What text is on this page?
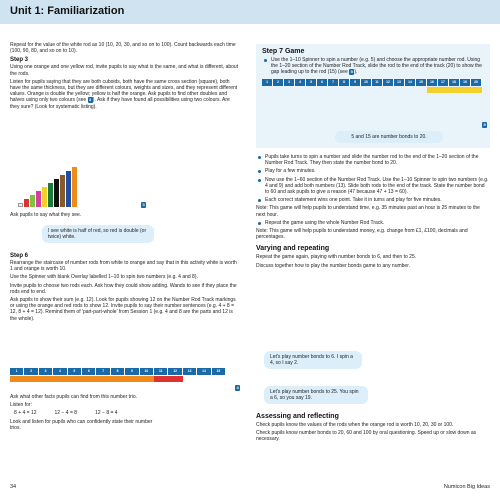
Unit 1: Familiarization

Repeat for the value of the white rod as 10 (10, 20, 30, and so on to 100). Count backwards each time (100, 90, 80, and so on to 10).

Step 3

Using one orange and one yellow rod, invite pupils to say what is the same, and what is different, about the rods.

Listen for pupils saying that they are both cuboids, both have the same cross section (square), both have the same thickness, but they are different colours, weights and sizes, and they represent different values. Orange is double the yellow; yellow is half the orange. Ask pupils to find other doubles and halves using only two colours (see 3 ). Ask if they have found all possibilities using two colours. Are they sure? (Look for systematic listing).

3

Ask pupils to say what they see.

I see white is half of red, so red is double (or twice) white.
Step 6

Rearrange the staircase of number rods from white to orange and say that in this activity white is worth 1 and orange is worth 10.

Use the Spinner with blank Overlay labelled 1–10 to spin two numbers (e.g. 4 and 8).

Invite pupils to choose two rods each. Ask how they could show adding. Wands to see if they place the rods end to end.

Ask pupils to show their sum (e.g. 12). Look for pupils showing 12 on the Number Rod Track markings or using the orange and red rods to show 12. Invite pupils to say their number sentences (e.g. 4 + 8 = 12, 8 + 4 = 12). Remind them of 'part-part-whole' from Session 1 (e.g. 4 and 8 are the parts and 12 is the whole).

1	2	3	4	5	6	7	8	9	10	11	12	13	14	15
4

Ask what other facts pupils can find from this number trio.

Listen for:

8 + 4 = 12	12 − 4 = 8	12 − 8 = 4

Look and listen for pupils who can confidently state their number trios.

Step 7 Game
Use the 1–10 Spinner to spin a number (e.g. 5) and choose the appropriate number rod. Using the 1–20 section of the Number Rod Track, slide the rod to the end of the track (20) to show the gap leading up to the rod (15) (see 5 ).
1	2	3	4	5	6	7	8	9	10	11	12	13	14	15	16	17	18	19	20
5
5 and 15 are number bonds to 20.
Pupils take turns to spin a number and slide the number rod to the end of the 1–20 section of the Number Rod Track. They then state the number bond to 20.
Play for a few minutes.
Now use the 1–60 section of the Number Rod Track. Use the 1–10 Spinner to spin two numbers (e.g. 4 and 9) and add both numbers (13). Slide both rods to the end of the track. State the number bond to 60 and ask pupils to give a reason (47 because 47 + 13 = 60).
Each correct statement wins one point. Take it in turns and play for five minutes.

Note: This game will help pupils to understand time, e.g. 35 minutes past an hour is 25 minutes to the next hour.

Repeat the game using the whole Number Rod Track.

Note: This game will help pupils to understand money, e.g. change from £1, £100, decimals and percentages.

Varying and repeating

Repeat the game again, playing with number bonds to 6, and then to 25.

Discuss together how to play the number bonds game to any number.

Let's play number bonds to 6. I spin a 4, so I say 2.
Let's play number bonds to 25. You spin a 6, so you say 19.
Assessing and reflecting

Check pupils know the values of the rods when the orange rod is worth 10, 20, 30 or 100.

Check pupils know number bonds to 20, 60 and 100 by oral questioning. Speed up or slow down as necessary.

34	Numicon Big Ideas
